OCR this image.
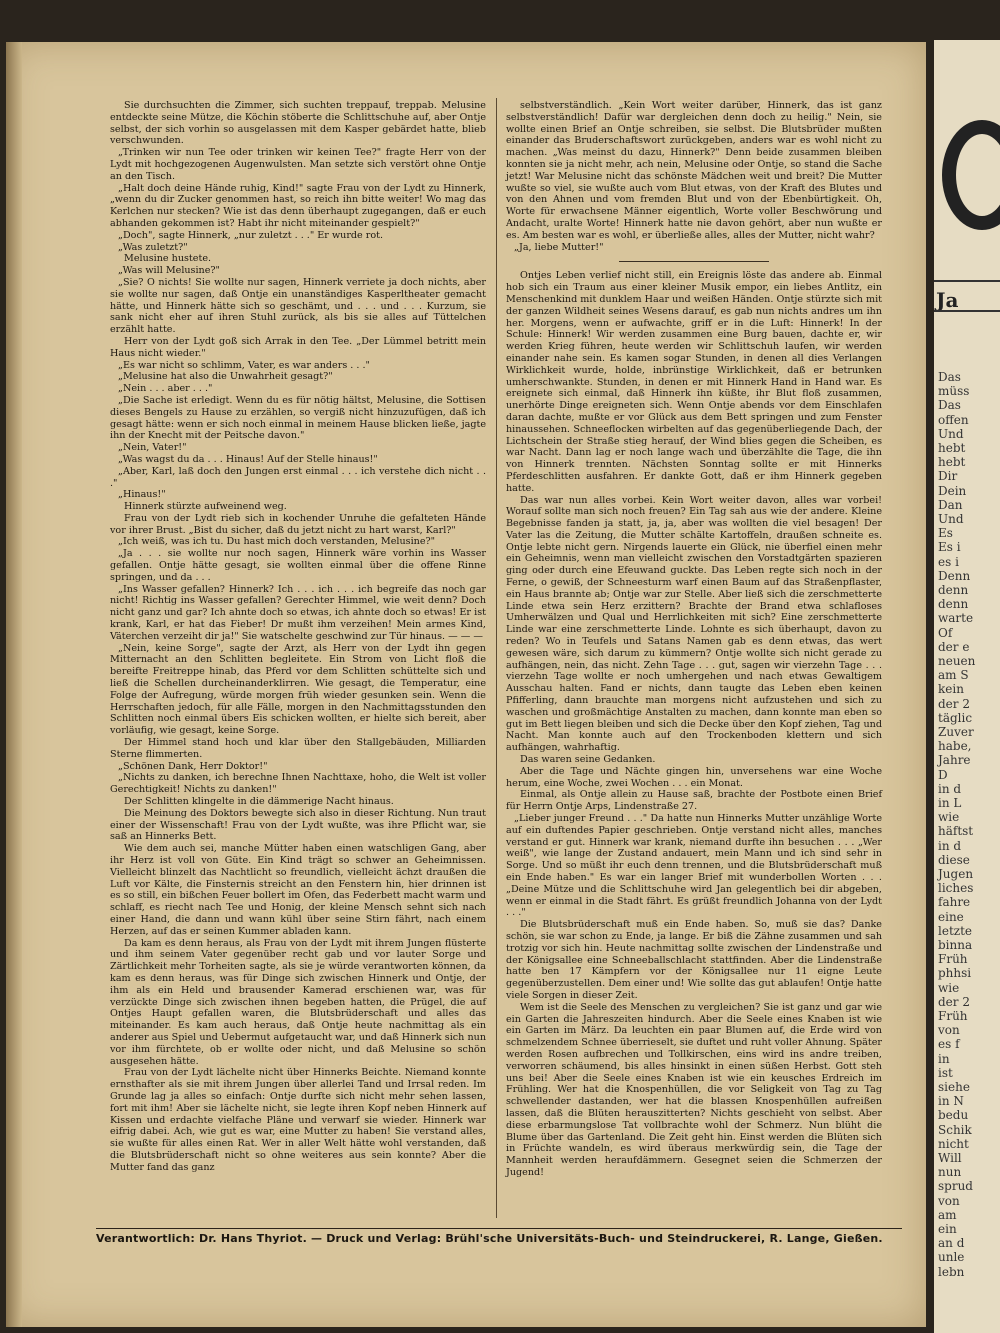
Ja
Das
müss
Das
offen
Und
hebt
hebt
Dir
Dein
Dan
Und
Es
Es i
es i
Denn
denn
denn
warte
Of
der e
neuen
am S
kein
der 2
täglic
Zuver
habe,
Jahre
D
in d
in L
wie
häftst
in d
diese
Jugen
liches
fahre
eine
letzte
binna
Früh
phhsi
wie
der 2
Früh
von
es f
in
ist
siehe
in N
bedu
Schik
nicht
Will
nun
sprud
von
am
ein
an d
unle
lebn

Sie durchsuchten die Zimmer, sich suchten treppauf, treppab. Melusine entdeckte seine Mütze, die Köchin stöberte die Schlittschuhe auf, aber Ontje selbst, der sich vorhin so ausgelassen mit dem Kasper gebärdet hatte, blieb verschwunden.

„Trinken wir nun Tee oder trinken wir keinen Tee?" fragte Herr von der Lydt mit hochgezogenen Augenwulsten. Man setzte sich verstört ohne Ontje an den Tisch.

„Halt doch deine Hände ruhig, Kind!" sagte Frau von der Lydt zu Hinnerk, „wenn du dir Zucker genommen hast, so reich ihn bitte weiter! Wo mag das Kerlchen nur stecken? Wie ist das denn überhaupt zugegangen, daß er euch abhanden gekommen ist? Habt ihr nicht miteinander gespielt?"

„Doch", sagte Hinnerk, „nur zuletzt . . ." Er wurde rot.

„Was zuletzt?"

Melusine hustete.

„Was will Melusine?"

„Sie? O nichts! Sie wollte nur sagen, Hinnerk verriete ja doch nichts, aber sie wollte nur sagen, daß Ontje ein unanständiges Kasperltheater gemacht hätte, und Hinnerk hätte sich so geschämt, und . . . und . . . Kurzum, sie sank nicht eher auf ihren Stuhl zurück, als bis sie alles auf Tüttelchen erzählt hatte.

Herr von der Lydt goß sich Arrak in den Tee. „Der Lümmel betritt mein Haus nicht wieder."

„Es war nicht so schlimm, Vater, es war anders . . ."

„Melusine hat also die Unwahrheit gesagt?"

„Nein . . . aber . . ."

„Die Sache ist erledigt. Wenn du es für nötig hältst, Melusine, die Sottisen dieses Bengels zu Hause zu erzählen, so vergiß nicht hinzuzufügen, daß ich gesagt hätte: wenn er sich noch einmal in meinem Hause blicken ließe, jagte ihn der Knecht mit der Peitsche davon."

„Nein, Vater!"

„Was wagst du da . . . Hinaus! Auf der Stelle hinaus!"

„Aber, Karl, laß doch den Jungen erst einmal . . . ich verstehe dich nicht . . ."

„Hinaus!"

Hinnerk stürzte aufweinend weg.

Frau von der Lydt rieb sich in kochender Unruhe die gefalteten Hände vor ihrer Brust. „Bist du sicher, daß du jetzt nicht zu hart warst, Karl?"

„Ich weiß, was ich tu. Du hast mich doch verstanden, Melusine?"

„Ja . . . sie wollte nur noch sagen, Hinnerk wäre vorhin ins Wasser gefallen. Ontje hätte gesagt, sie wollten einmal über die offene Rinne springen, und da . . .

„Ins Wasser gefallen? Hinnerk? Ich . . . ich . . . ich begreife das noch gar nicht! Richtig ins Wasser gefallen? Gerechter Himmel, wie weit denn? Doch nicht ganz und gar? Ich ahnte doch so etwas, ich ahnte doch so etwas! Er ist krank, Karl, er hat das Fieber! Dr mußt ihm verzeihen! Mein armes Kind, Väterchen verzeiht dir ja!" Sie watschelte geschwind zur Tür hinaus. — — —

„Nein, keine Sorge", sagte der Arzt, als Herr von der Lydt ihn gegen Mitternacht an den Schlitten begleitete. Ein Strom von Licht floß die bereifte Freitreppe hinab, das Pferd vor dem Schlitten schüttelte sich und ließ die Schellen durcheinanderklirren. Wie gesagt, die Temperatur, eine Folge der Aufregung, würde morgen früh wieder gesunken sein. Wenn die Herrschaften jedoch, für alle Fälle, morgen in den Nachmittagsstunden den Schlitten noch einmal übers Eis schicken wollten, er hielte sich bereit, aber vorläufig, wie gesagt, keine Sorge.

Der Himmel stand hoch und klar über den Stallgebäuden, Milliarden Sterne flimmerten.

„Schönen Dank, Herr Doktor!"

„Nichts zu danken, ich berechne Ihnen Nachttaxe, hoho, die Welt ist voller Gerechtigkeit! Nichts zu danken!"

Der Schlitten klingelte in die dämmerige Nacht hinaus.

Die Meinung des Doktors bewegte sich also in dieser Richtung. Nun traut einer der Wissenschaft! Frau von der Lydt wußte, was ihre Pflicht war, sie saß an Hinnerks Bett.

Wie dem auch sei, manche Mütter haben einen watschligen Gang, aber ihr Herz ist voll von Güte. Ein Kind trägt so schwer an Geheimnissen. Vielleicht blinzelt das Nachtlicht so freundlich, vielleicht ächzt draußen die Luft vor Kälte, die Finsternis streicht an den Fenstern hin, hier drinnen ist es so still, ein bißchen Feuer bollert im Ofen, das Federbett macht warm und schlaff, es riecht nach Tee und Honig, der kleine Mensch sehnt sich nach einer Hand, die dann und wann kühl über seine Stirn fährt, nach einem Herzen, auf das er seinen Kummer abladen kann.

Da kam es denn heraus, als Frau von der Lydt mit ihrem Jungen flüsterte und ihm seinem Vater gegenüber recht gab und vor lauter Sorge und Zärtlichkeit mehr Torheiten sagte, als sie je würde verantworten können, da kam es denn heraus, was für Dinge sich zwischen Hinnerk und Ontje, der ihm als ein Held und brausender Kamerad erschienen war, was für verzückte Dinge sich zwischen ihnen begeben hatten, die Prügel, die auf Ontjes Haupt gefallen waren, die Blutsbrüderschaft und alles das miteinander. Es kam auch heraus, daß Ontje heute nachmittag als ein anderer aus Spiel und Uebermut aufgetaucht war, und daß Hinnerk sich nun vor ihm fürchtete, ob er wollte oder nicht, und daß Melusine so schön ausgesehen hätte.

Frau von der Lydt lächelte nicht über Hinnerks Beichte. Niemand konnte ernsthafter als sie mit ihrem Jungen über allerlei Tand und Irrsal reden. Im Grunde lag ja alles so einfach: Ontje durfte sich nicht mehr sehen lassen, fort mit ihm! Aber sie lächelte nicht, sie legte ihren Kopf neben Hinnerk auf Kissen und erdachte vielfache Pläne und verwarf sie wieder. Hinnerk war eifrig dabei. Ach, wie gut es war, eine Mutter zu haben! Sie verstand alles, sie wußte für alles einen Rat. Wer in aller Welt hätte wohl verstanden, daß die Blutsbrüderschaft nicht so ohne weiteres aus sein konnte? Aber die Mutter fand das ganz

selbstverständlich. „Kein Wort weiter darüber, Hinnerk, das ist ganz selbstverständlich! Dafür war dergleichen denn doch zu heilig." Nein, sie wollte einen Brief an Ontje schreiben, sie selbst. Die Blutsbrüder mußten einander das Bruderschaftswort zurückgeben, anders war es wohl nicht zu machen. „Was meinst du dazu, Hinnerk?" Denn beide zusammen bleiben konnten sie ja nicht mehr, ach nein, Melusine oder Ontje, so stand die Sache jetzt! War Melusine nicht das schönste Mädchen weit und breit? Die Mutter wußte so viel, sie wußte auch vom Blut etwas, von der Kraft des Blutes und von den Ahnen und vom fremden Blut und von der Ebenbürtigkeit. Oh, Worte für erwachsene Männer eigentlich, Worte voller Beschwörung und Andacht, uralte Worte! Hinnerk hatte nie davon gehört, aber nun wußte er es. Am besten war es wohl, er überließe alles, alles der Mutter, nicht wahr?

„Ja, liebe Mutter!"

Ontjes Leben verlief nicht still, ein Ereignis löste das andere ab. Einmal hob sich ein Traum aus einer kleiner Musik empor, ein liebes Antlitz, ein Menschenkind mit dunklem Haar und weißen Händen. Ontje stürzte sich mit der ganzen Wildheit seines Wesens darauf, es gab nun nichts andres um ihn her. Morgens, wenn er aufwachte, griff er in die Luft: Hinnerk! In der Schule: Hinnerk! Wir werden zusammen eine Burg bauen, dachte er, wir werden Krieg führen, heute werden wir Schlittschuh laufen, wir werden einander nahe sein. Es kamen sogar Stunden, in denen all dies Verlangen Wirklichkeit wurde, holde, inbrünstige Wirklichkeit, daß er betrunken umherschwankte. Stunden, in denen er mit Hinnerk Hand in Hand war. Es ereignete sich einmal, daß Hinnerk ihn küßte, ihr Blut floß zusammen, unerhörte Dinge ereigneten sich. Wenn Ontje abends vor dem Einschlafen daran dachte, mußte er vor Glück aus dem Bett springen und zum Fenster hinaussehen. Schneeflocken wirbelten auf das gegenüberliegende Dach, der Lichtschein der Straße stieg herauf, der Wind blies gegen die Scheiben, es war Nacht. Dann lag er noch lange wach und überzählte die Tage, die ihn von Hinnerk trennten. Nächsten Sonntag sollte er mit Hinnerks Pferdeschlitten ausfahren. Er dankte Gott, daß er ihm Hinnerk gegeben hatte.

Das war nun alles vorbei. Kein Wort weiter davon, alles war vorbei! Worauf sollte man sich noch freuen? Ein Tag sah aus wie der andere. Kleine Begebnisse fanden ja statt, ja, ja, aber was wollten die viel besagen! Der Vater las die Zeitung, die Mutter schälte Kartoffeln, draußen schneite es. Ontje lebte nicht gern. Nirgends lauerte ein Glück, nie überfiel einen mehr ein Geheimnis, wenn man vielleicht zwischen den Vorstadtgärten spazieren ging oder durch eine Efeuwand guckte. Das Leben regte sich noch in der Ferne, o gewiß, der Schneesturm warf einen Baum auf das Straßenpflaster, ein Haus brannte ab; Ontje war zur Stelle. Aber ließ sich die zerschmetterte Linde etwa sein Herz erzittern? Brachte der Brand etwa schlafloses Umherwälzen und Qual und Herrlichkeiten mit sich? Eine zerschmetterte Linde war eine zerschmetterte Linde. Lohnte es sich überhaupt, davon zu reden? Wo in Teufels und Satans Namen gab es denn etwas, das wert gewesen wäre, sich darum zu kümmern? Ontje wollte sich nicht gerade zu aufhängen, nein, das nicht. Zehn Tage . . . gut, sagen wir vierzehn Tage . . . vierzehn Tage wollte er noch umhergehen und nach etwas Gewaltigem Ausschau halten. Fand er nichts, dann taugte das Leben eben keinen Pfifferling, dann brauchte man morgens nicht aufzustehen und sich zu waschen und großmächtige Anstalten zu machen, dann konnte man eben so gut im Bett liegen bleiben und sich die Decke über den Kopf ziehen, Tag und Nacht. Man konnte auch auf den Trockenboden klettern und sich aufhängen, wahrhaftig.

Das waren seine Gedanken.

Aber die Tage und Nächte gingen hin, unversehens war eine Woche herum, eine Woche, zwei Wochen . . . ein Monat.

Einmal, als Ontje allein zu Hause saß, brachte der Postbote einen Brief für Herrn Ontje Arps, Lindenstraße 27.

„Lieber junger Freund . . ." Da hatte nun Hinnerks Mutter unzählige Worte auf ein duftendes Papier geschrieben. Ontje verstand nicht alles, manches verstand er gut. Hinnerk war krank, niemand durfte ihn besuchen . . . „Wer weiß", wie lange der Zustand andauert, mein Mann und ich sind sehr in Sorge. Und so müßt ihr euch denn trennen, und die Blutsbrüderschaft muß ein Ende haben." Es war ein langer Brief mit wunderbollen Worten . . . „Deine Mütze und die Schlittschuhe wird Jan gelegentlich bei dir abgeben, wenn er einmal in die Stadt fährt. Es grüßt freundlich Johanna von der Lydt . . ."

Die Blutsbrüderschaft muß ein Ende haben. So, muß sie das? Danke schön, sie war schon zu Ende, ja lange. Er biß die Zähne zusammen und sah trotzig vor sich hin. Heute nachmittag sollte zwischen der Lindenstraße und der Königsallee eine Schneeballschlacht stattfinden. Aber die Lindenstraße hatte ben 17 Kämpfern vor der Königsallee nur 11 eigne Leute gegenüberzustellen. Dem einer und! Wie sollte das gut ablaufen! Ontje hatte viele Sorgen in dieser Zeit.

Wem ist die Seele des Menschen zu vergleichen? Sie ist ganz und gar wie ein Garten die Jahreszeiten hindurch. Aber die Seele eines Knaben ist wie ein Garten im März. Da leuchten ein paar Blumen auf, die Erde wird von schmelzendem Schnee überrieselt, sie duftet und ruht voller Ahnung. Später werden Rosen aufbrechen und Tollkirschen, eins wird ins andre treiben, verworren schäumend, bis alles hinsinkt in einen süßen Herbst. Gott steh uns bei! Aber die Seele eines Knaben ist wie ein keusches Erdreich im Frühling. Wer hat die Knospenhüllen, die vor Seligkeit von Tag zu Tag schwellender dastanden, wer hat die blassen Knospenhüllen aufreißen lassen, daß die Blüten herauszitterten? Nichts geschieht von selbst. Aber diese erbarmungslose Tat vollbrachte wohl der Schmerz. Nun blüht die Blume über das Gartenland. Die Zeit geht hin. Einst werden die Blüten sich in Früchte wandeln, es wird überaus merkwürdig sein, die Tage der Mannheit werden heraufdämmern. Gesegnet seien die Schmerzen der Jugend!

Verantwortlich: Dr. Hans Thyriot. — Druck und Verlag: Brühl'sche Universitäts-Buch- und Steindruckerei, R. Lange, Gießen.
